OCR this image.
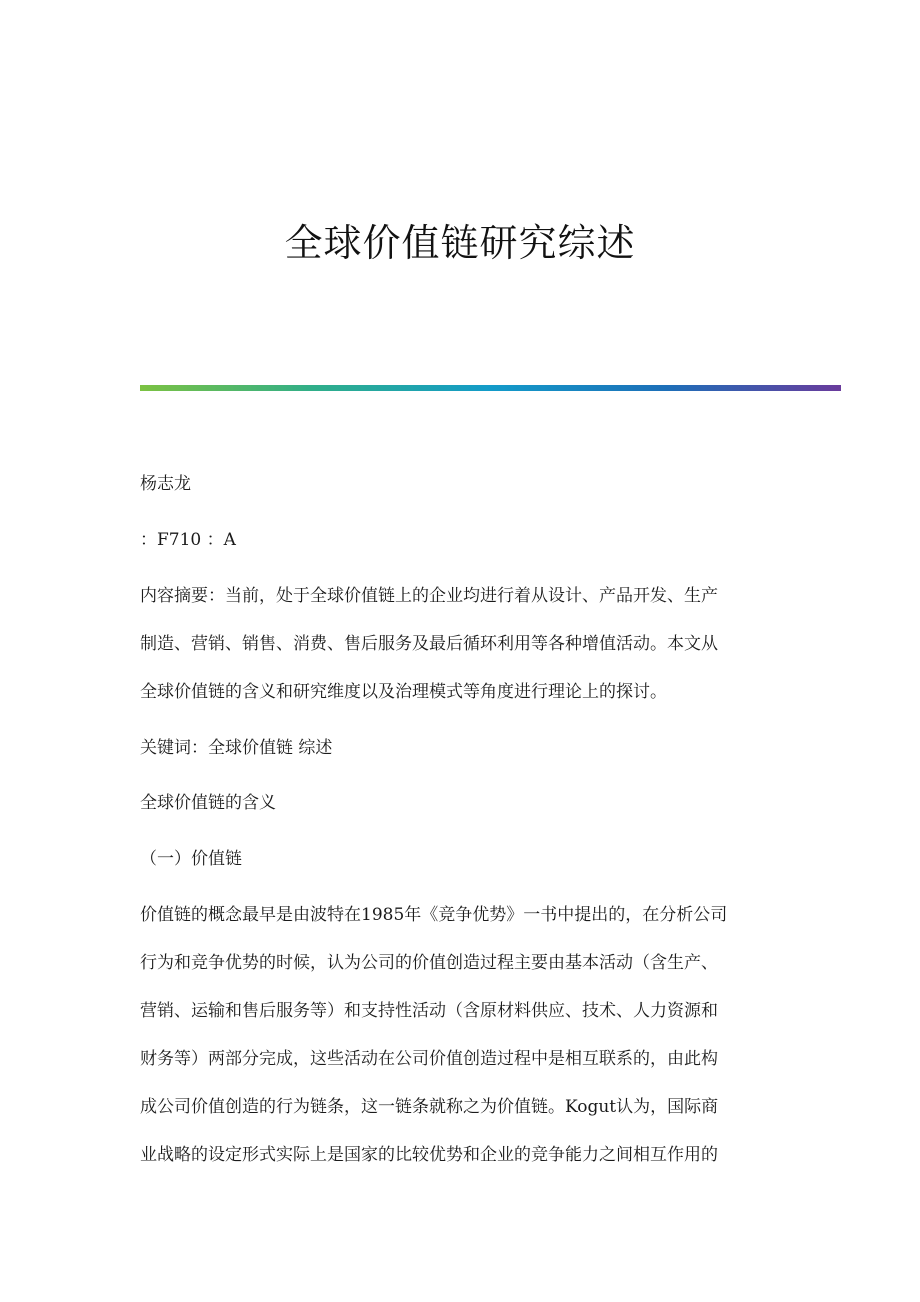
全球价值链研究综述
杨志龙
：F710 ：A
内容摘要：当前，处于全球价值链上的企业均进行着从设计、产品开发、生产
制造、营销、销售、消费、售后服务及最后循环利用等各种增值活动。本文从
全球价值链的含义和研究维度以及治理模式等角度进行理论上的探讨。
关键词：全球价值链 综述
全球价值链的含义
（一）价值链
价值链的概念最早是由波特在1985年《竞争优势》一书中提出的，在分析公司
行为和竞争优势的时候，认为公司的价值创造过程主要由基本活动（含生产、
营销、运输和售后服务等）和支持性活动（含原材料供应、技术、人力资源和
财务等）两部分完成，这些活动在公司价值创造过程中是相互联系的，由此构
成公司价值创造的行为链条，这一链条就称之为价值链。Kogut认为，国际商
业战略的设定形式实际上是国家的比较优势和企业的竞争能力之间相互作用的
